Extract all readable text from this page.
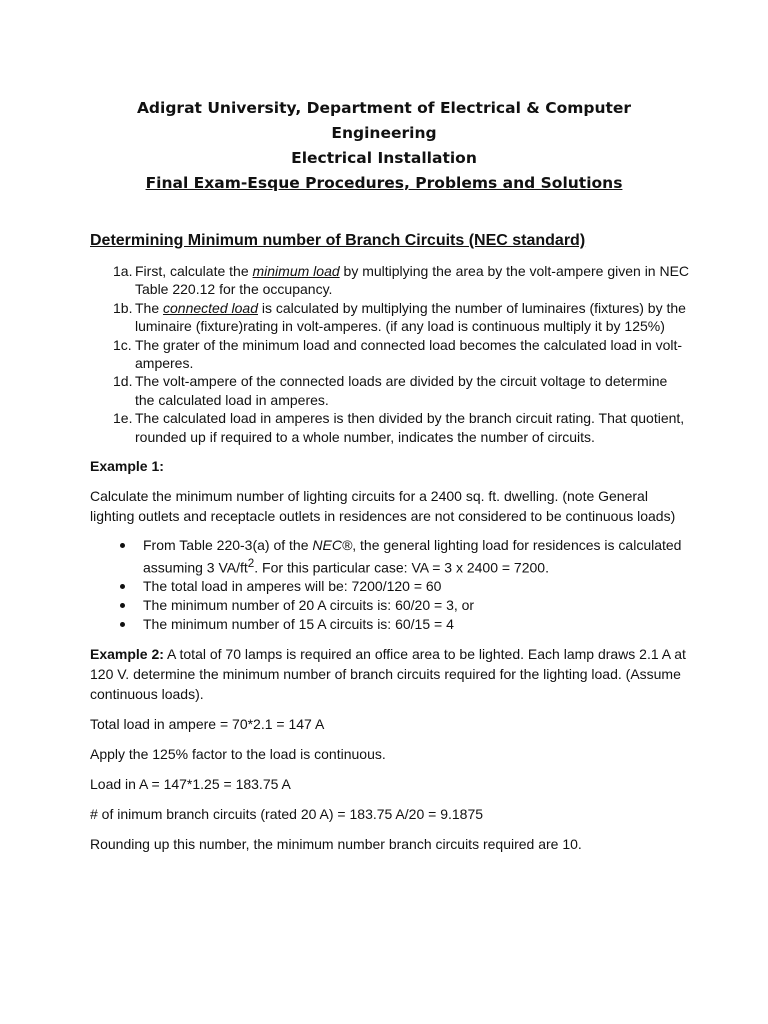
Adigrat University, Department of Electrical & Computer
Engineering
Electrical Installation
Final Exam-Esque Procedures, Problems and Solutions
Determining Minimum number of Branch Circuits (NEC standard)
1a. First, calculate the minimum load by multiplying the area by the volt-ampere given in NEC Table 220.12 for the occupancy.
1b. The connected load is calculated by multiplying the number of luminaires (fixtures) by the luminaire (fixture)rating in volt-amperes. (if any load is continuous multiply it by 125%)
1c. The grater of the minimum load and connected load becomes the calculated load in volt-amperes.
1d. The volt-ampere of the connected loads are divided by the circuit voltage to determine the calculated load in amperes.
1e. The calculated load in amperes is then divided by the branch circuit rating. That quotient, rounded up if required to a whole number, indicates the number of circuits.
Example 1:
Calculate the minimum number of lighting circuits for a 2400 sq. ft. dwelling. (note General lighting outlets and receptacle outlets in residences are not considered to be continuous loads)
From Table 220-3(a) of the NEC®, the general lighting load for residences is calculated assuming 3 $VA/ft^2$. For this particular case: VA = 3 x 2400 = 7200.
The total load in amperes will be: 7200/120 = 60
The minimum number of 20 A circuits is: 60/20 = 3, or
The minimum number of 15 A circuits is: 60/15 = 4
Example 2: A total of 70 lamps is required an office area to be lighted. Each lamp draws 2.1 A at 120 V. determine the minimum number of branch circuits required for the lighting load. (Assume continuous loads).
Total load in ampere = 70*2.1 = 147 A
Apply the 125% factor to the load is continuous.
Load in A = 147*1.25 = 183.75 A
# of inimum branch circuits (rated 20 A) = 183.75 A/20 = 9.1875
Rounding up this number, the minimum number branch circuits required are 10.
